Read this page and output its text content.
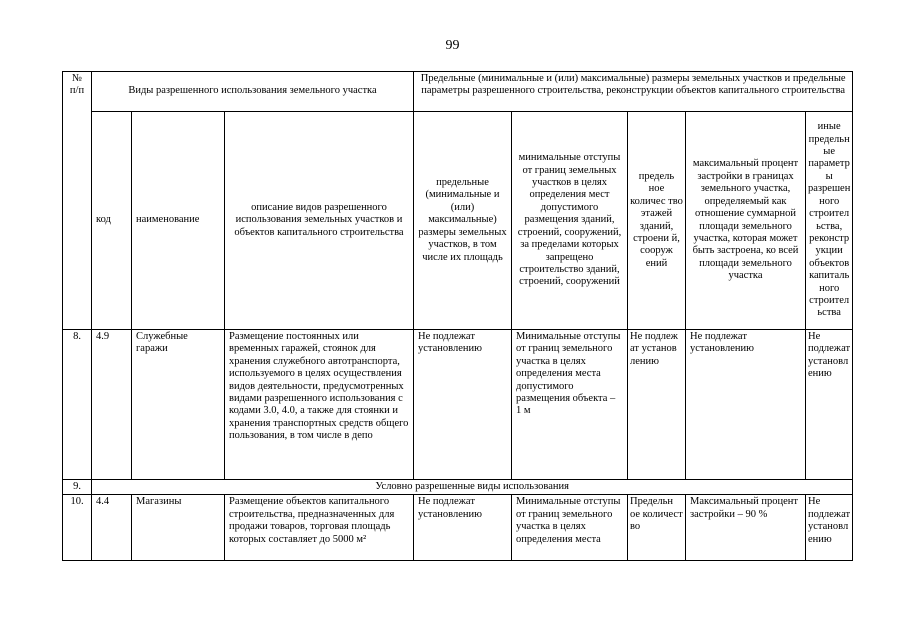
99
№
п/п	Виды разрешенного использования земельного участка			Предельные (минимальные и (или) максимальные) размеры земельных участков и предельные параметры разрешенного строительства, реконструкции объектов капитального строительства				
	код	наименование	описание видов разрешенного использования земельных участков и объектов капитального строительства	предельные (минимальные и (или) максимальные) размеры земельных участков, в том числе их площадь	минимальные отступы от границ земельных участков в целях определения мест допустимого размещения зданий, строений, сооружений, за пределами которых запрещено строительство зданий, строений, сооружений	предель ное количес тво этажей зданий, строени й, сооруж ений	максимальный процент застройки в границах земельного участка, определяемый как отношение суммарной площади земельного участка, которая может быть застроена, ко всей площади земельного участка	иные предельн ые параметр ы разрешен ного строител ьства, реконстр укции объектов капиталь ного строител ьства
8.	4.9	Служебные гаражи	Размещение постоянных или временных гаражей, стоянок для хранения служебного автотранспорта, используемого в целях осуществления видов деятельности, предусмотренных видами разрешенного использования с кодами 3.0, 4.0, а также для стоянки и хранения транспортных средств общего пользования, в том числе в депо	Не подлежат установлению	Минимальные отступы от границ земельного участка в целях определения места допустимого размещения объекта – 1 м	Не подлеж ат установ лению	Не подлежат установлению	Не подлежат установл ению
9.	Условно разрешенные виды использования							
10.	4.4	Магазины	Размещение объектов капитального строительства, предназначенных для продажи товаров, торговая площадь которых составляет до 5000 м²	Не подлежат установлению	Минимальные отступы от границ земельного участка в целях определения места	Предельн ое количест во	Максимальный процент застройки – 90 %	Не подлежат установл ению
